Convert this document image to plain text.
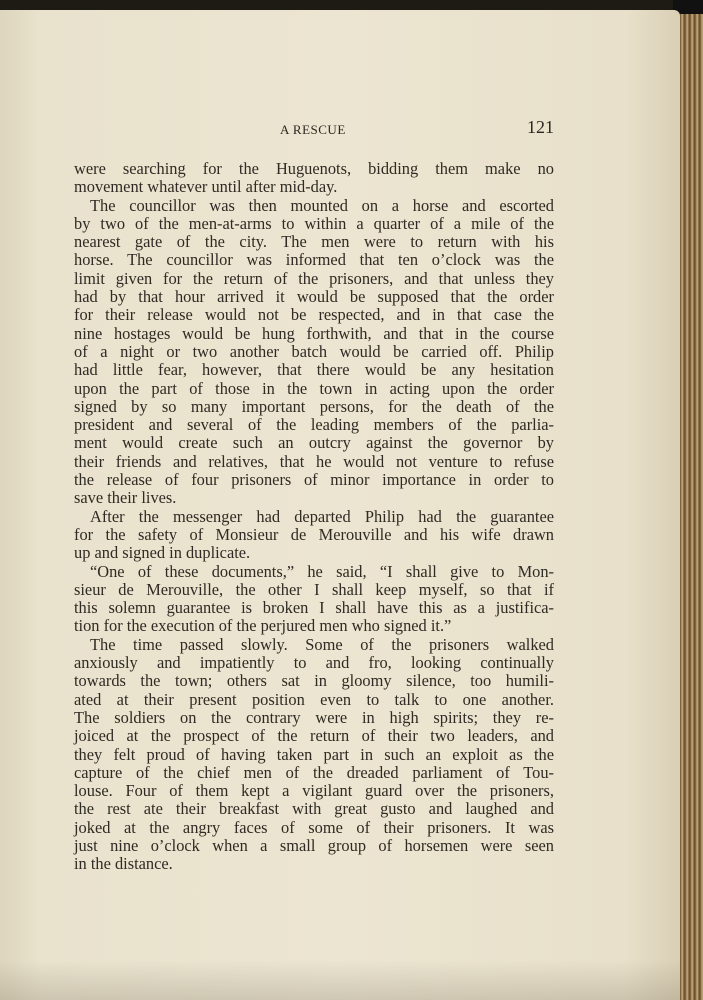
A RESCUE	121
were searching for the Huguenots, bidding them make no
movement whatever until after mid-day.
The councillor was then mounted on a horse and escorted
by two of the men-at-arms to within a quarter of a mile of the
nearest gate of the city. The men were to return with his
horse. The councillor was informed that ten o’clock was the
limit given for the return of the prisoners, and that unless they
had by that hour arrived it would be supposed that the order
for their release would not be respected, and in that case the
nine hostages would be hung forthwith, and that in the course
of a night or two another batch would be carried off. Philip
had little fear, however, that there would be any hesitation
upon the part of those in the town in acting upon the order
signed by so many important persons, for the death of the
president and several of the leading members of the parlia-
ment would create such an outcry against the governor by
their friends and relatives, that he would not venture to refuse
the release of four prisoners of minor importance in order to
save their lives.
After the messenger had departed Philip had the guarantee
for the safety of Monsieur de Merouville and his wife drawn
up and signed in duplicate.
“One of these documents,” he said, “I shall give to Mon-
sieur de Merouville, the other I shall keep myself, so that if
this solemn guarantee is broken I shall have this as a justifica-
tion for the execution of the perjured men who signed it.”
The time passed slowly. Some of the prisoners walked
anxiously and impatiently to and fro, looking continually
towards the town; others sat in gloomy silence, too humili-
ated at their present position even to talk to one another.
The soldiers on the contrary were in high spirits; they re-
joiced at the prospect of the return of their two leaders, and
they felt proud of having taken part in such an exploit as the
capture of the chief men of the dreaded parliament of Tou-
louse. Four of them kept a vigilant guard over the prisoners,
the rest ate their breakfast with great gusto and laughed and
joked at the angry faces of some of their prisoners. It was
just nine o’clock when a small group of horsemen were seen
in the distance.
